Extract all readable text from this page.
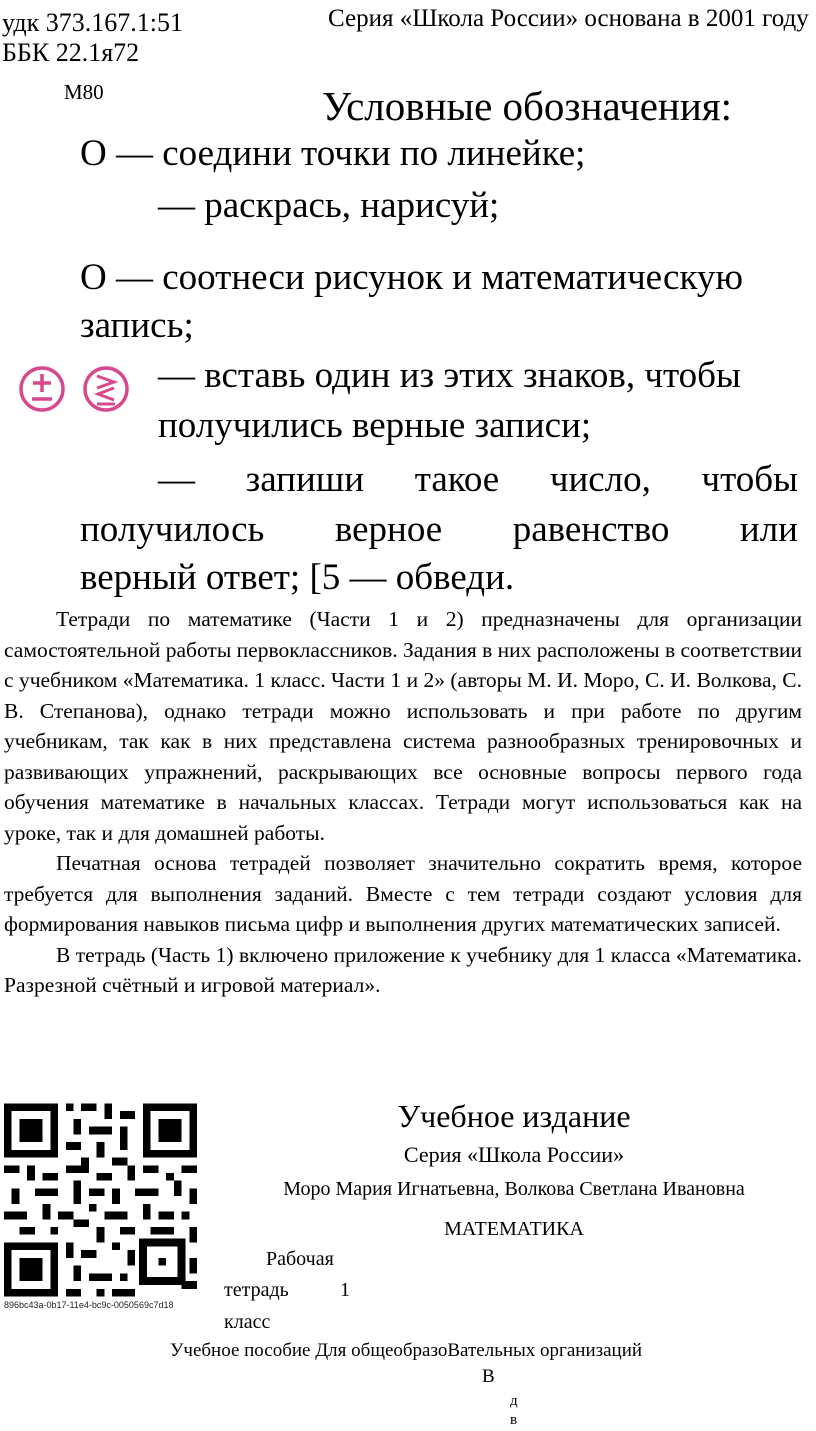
удк 373.167.1:51
ББК 22.1я72
М80
Серия «Школа России» основана в 2001 году
Условные обозначения:
О — соедини точки по линейке;
— раскрась, нарисуй;
О — соотнеси рисунок и математическую
запись;
— вставь один из этих знаков, чтобы
получились верные записи;
— запиши такое число, чтобы
получилось верное равенство или
верный ответ; [5 — обведи.

Тетради по математике (Части 1 и 2) предназначены для организации самостоятельной работы первоклассников. Задания в них расположены в соответствии с учебником «Математика. 1 класс. Части 1 и 2» (авторы М. И. Моро, С. И. Волкова, С. В. Степанова), однако тетради можно использовать и при работе по другим учебникам, так как в них представлена система разнообразных тренировочных и развивающих упражнений, раскрывающих все основные вопросы первого года обучения математике в начальных классах. Тетради могут использоваться как на уроке, так и для домашней работы.

Печатная основа тетрадей позволяет значительно сократить время, которое требуется для выполнения заданий. Вместе с тем тетради создают условия для формирования навыков письма цифр и выполнения других математических записей.

В тетрадь (Часть 1) включено приложение к учебнику для 1 класса «Математика. Разрезной счётный и игровой материал».

896bc43a-0b17-11e4-bc9c-0050569c7d18
Учебное издание
Серия «Школа России»
Моро Мария Игнатьевна, Волкова Светлана Ивановна
МАТЕМАТИКА
Рабочая
тетрадь	1
класс
Учебное пособие Для общеобразоВательных организаций
В
д
в
